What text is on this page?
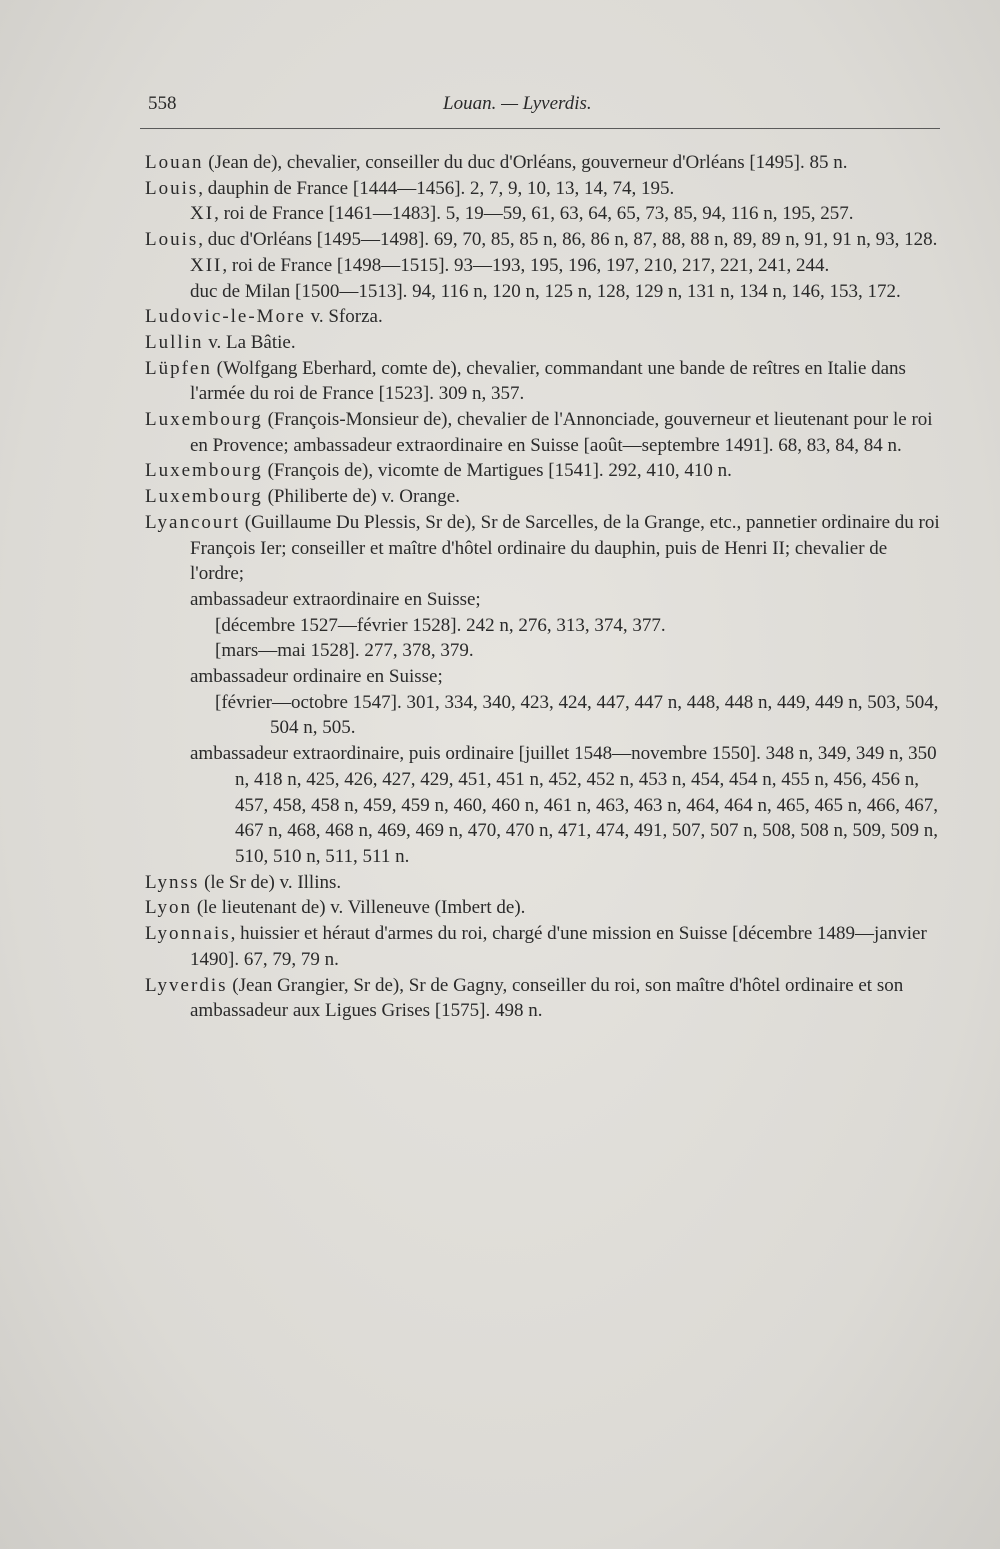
558	Louan. — Lyverdis.

Louan (Jean de), chevalier, conseiller du duc d'Orléans, gouverneur d'Orléans [1495]. 85 n.

Louis, dauphin de France [1444—1456]. 2, 7, 9, 10, 13, 14, 74, 195.

XI, roi de France [1461—1483]. 5, 19—59, 61, 63, 64, 65, 73, 85, 94, 116 n, 195, 257.

Louis, duc d'Orléans [1495—1498]. 69, 70, 85, 85 n, 86, 86 n, 87, 88, 88 n, 89, 89 n, 91, 91 n, 93, 128.

XII, roi de France [1498—1515]. 93—193, 195, 196, 197, 210, 217, 221, 241, 244.

duc de Milan [1500—1513]. 94, 116 n, 120 n, 125 n, 128, 129 n, 131 n, 134 n, 146, 153, 172.

Ludovic-le-More v. Sforza.

Lullin v. La Bâtie.

Lüpfen (Wolfgang Eberhard, comte de), chevalier, commandant une bande de reîtres en Italie dans l'armée du roi de France [1523]. 309 n, 357.

Luxembourg (François-Monsieur de), chevalier de l'Annonciade, gouverneur et lieutenant pour le roi en Provence; ambassadeur extraordinaire en Suisse [août—septembre 1491]. 68, 83, 84, 84 n.

Luxembourg (François de), vicomte de Martigues [1541]. 292, 410, 410 n.

Luxembourg (Philiberte de) v. Orange.

Lyancourt (Guillaume Du Plessis, Sr de), Sr de Sarcelles, de la Grange, etc., pannetier ordinaire du roi François Ier; conseiller et maître d'hôtel ordinaire du dauphin, puis de Henri II; chevalier de l'ordre;

ambassadeur extraordinaire en Suisse;

[décembre 1527—février 1528]. 242 n, 276, 313, 374, 377.

[mars—mai 1528]. 277, 378, 379.

ambassadeur ordinaire en Suisse;

[février—octobre 1547]. 301, 334, 340, 423, 424, 447, 447 n, 448, 448 n, 449, 449 n, 503, 504, 504 n, 505.

ambassadeur extraordinaire, puis ordinaire [juillet 1548—novembre 1550]. 348 n, 349, 349 n, 350 n, 418 n, 425, 426, 427, 429, 451, 451 n, 452, 452 n, 453 n, 454, 454 n, 455 n, 456, 456 n, 457, 458, 458 n, 459, 459 n, 460, 460 n, 461 n, 463, 463 n, 464, 464 n, 465, 465 n, 466, 467, 467 n, 468, 468 n, 469, 469 n, 470, 470 n, 471, 474, 491, 507, 507 n, 508, 508 n, 509, 509 n, 510, 510 n, 511, 511 n.

Lynss (le Sr de) v. Illins.

Lyon (le lieutenant de) v. Villeneuve (Imbert de).

Lyonnais, huissier et héraut d'armes du roi, chargé d'une mission en Suisse [décembre 1489—janvier 1490]. 67, 79, 79 n.

Lyverdis (Jean Grangier, Sr de), Sr de Gagny, conseiller du roi, son maître d'hôtel ordinaire et son ambassadeur aux Ligues Grises [1575]. 498 n.
